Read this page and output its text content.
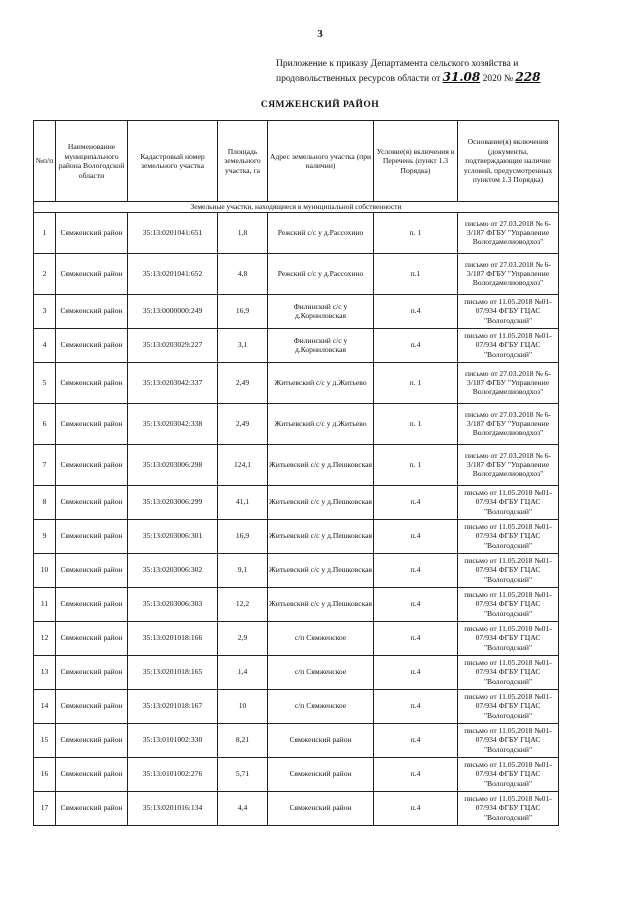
3
Приложение к приказу Департамента сельского хозяйства и
продовольственных ресурсов области от 31.08 2020 № 228
СЯМЖЕНСКИЙ РАЙОН
№п/п	Наименование муниципального района Вологодской области	Кадастровый номер земельного участка	Площадь земельного участка, га	Адрес земельного участка (при наличии)	Условие(я) включения в Перечень (пункт 1.3 Порядка)	Основание(я) включения (документы, подтверждающие наличие условий, предусмотренных пунктом 1.3 Порядка)
Земельные участки, находящиеся в муниципальной собственности						
1	Сямженский район	35:13:0201041:651	1,8	Режский с/с у д.Рассохино	п. 1	письмо от 27.03.2018 № 6-3/187 ФГБУ "Управление Вологдамелиоводхоз"
2	Сямженский район	35:13:0201041:652	4,8	Режский с/с у д.Рассохино	п.1	письмо от 27.03.2018 № 6-3/187 ФГБУ "Управление Вологдамелиоводхоз"
3	Сямженский район	35:13:0000000:249	16,9	Филинский с/с у д.Корниловская	п.4	письмо от 11.05.2018 №01-07/934 ФГБУ ГЦАС "Вологодский"
4	Сямженский район	35:13:0203029:227	3,1	Филинский с/с у д.Корниловская	п.4	письмо от 11.05.2018 №01-07/934 ФГБУ ГЦАС "Вологодский"
5	Сямженский район	35:13:0203042:337	2,49	Житьевский с/с у д.Житьево	п. 1	письмо от 27.03.2018 № 6-3/187 ФГБУ "Управление Вологдамелиоводхоз"
6	Сямженский район	35:13:0203042:338	2,49	Житьевский с/с у д.Житьево	п. 1	письмо от 27.03.2018 № 6-3/187 ФГБУ "Управление Вологдамелиоводхоз"
7	Сямженский район	35:13:0203006:298	124,1	Житьевский с/с у д.Пешковская	п. 1	письмо от 27.03.2018 № 6-3/187 ФГБУ "Управление Вологдамелиоводхоз"
8	Сямженский район	35:13:0203006:299	41,1	Житьевский с/с у д.Пешковская	п.4	письмо от 11.05.2018 №01-07/934 ФГБУ ГЦАС "Вологодский"
9	Сямженский район	35:13:0203006:301	16,9	Житьевский с/с у д.Пешковская	п.4	письмо от 11.05.2018 №01-07/934 ФГБУ ГЦАС "Вологодский"
10	Сямженский район	35:13:0203006:302	9,1	Житьевский с/с у д.Пешковская	п.4	письмо от 11.05.2018 №01-07/934 ФГБУ ГЦАС "Вологодский"
11	Сямженский район	35:13:0203006:303	12,2	Житьевский с/с у д.Пешковская	п.4	письмо от 11.05.2018 №01-07/934 ФГБУ ГЦАС "Вологодский"
12	Сямженский район	35:13:0201018:166	2,9	с/п Сямженское	п.4	письмо от 11.05.2018 №01-07/934 ФГБУ ГЦАС "Вологодский"
13	Сямженский район	35:13:0201018:165	1,4	с/п Сямженское	п.4	письмо от 11.05.2018 №01-07/934 ФГБУ ГЦАС "Вологодский"
14	Сямженский район	35:13:0201018:167	10	с/п Сямженское	п.4	письмо от 11.05.2018 №01-07/934 ФГБУ ГЦАС "Вологодский"
15	Сямженский район	35:13:0101002:330	8,21	Сямженский район	п.4	письмо от 11.05.2018 №01-07/934 ФГБУ ГЦАС "Вологодский"
16	Сямженский район	35:13:0101002:276	5,71	Сямженский район	п.4	письмо от 11.05.2018 №01-07/934 ФГБУ ГЦАС "Вологодский"
17	Сямженский район	35:13:0201016:134	4,4	Сямженский район	п.4	письмо от 11.05.2018 №01-07/934 ФГБУ ГЦАС "Вологодский"
